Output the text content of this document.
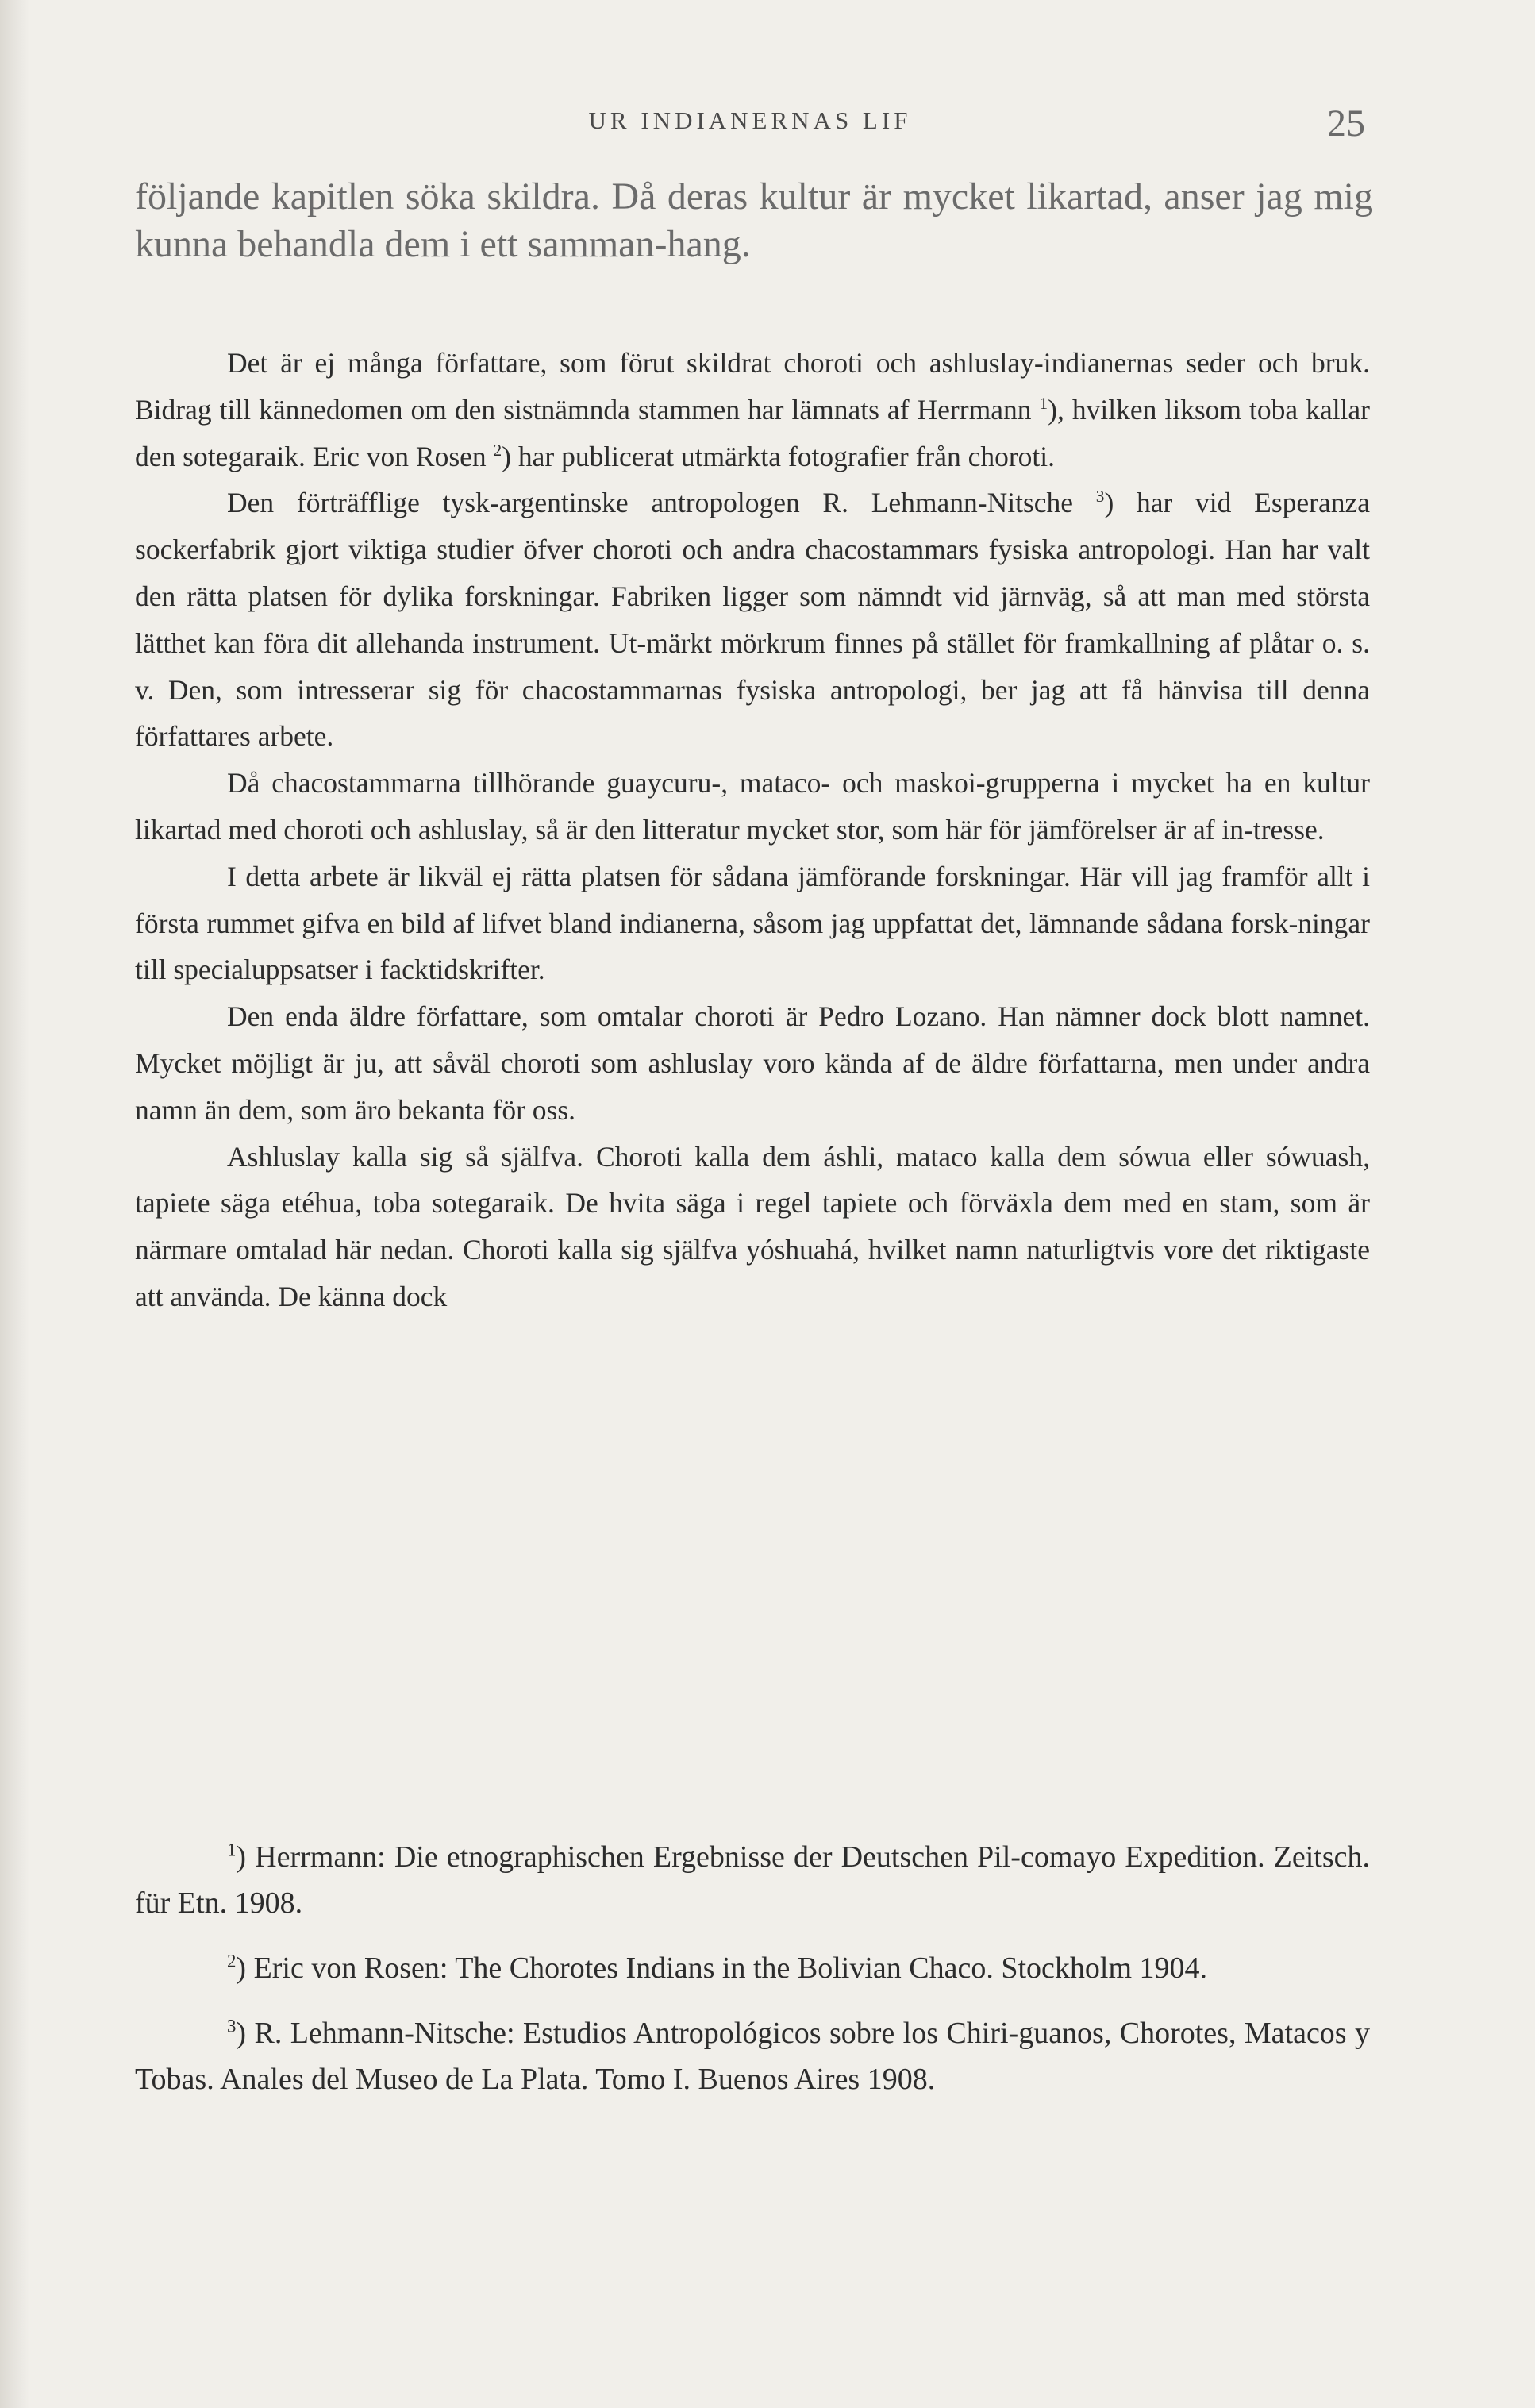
UR INDIANERNAS LIF	25
följande kapitlen söka skildra. Då deras kultur är mycket likartad, anser jag mig kunna behandla dem i ett samman-hang.

Det är ej många författare, som förut skildrat choroti och ashluslay-indianernas seder och bruk. Bidrag till kännedomen om den sistnämnda stammen har lämnats af Herrmann $^1$), hvilken liksom toba kallar den sotegaraik. Eric von Rosen $^2$) har publicerat utmärkta fotografier från choroti.

Den förträfflige tysk-argentinske antropologen R. Lehmann-Nitsche $^3$) har vid Esperanza sockerfabrik gjort viktiga studier öfver choroti och andra chacostammars fysiska antropologi. Han har valt den rätta platsen för dylika forskningar. Fabriken ligger som nämndt vid järnväg, så att man med största lätthet kan föra dit allehanda instrument. Ut-märkt mörkrum finnes på stället för framkallning af plåtar o. s. v. Den, som intresserar sig för chacostammarnas fysiska antropologi, ber jag att få hänvisa till denna författares arbete.

Då chacostammarna tillhörande guaycuru-, mataco- och maskoi-grupperna i mycket ha en kultur likartad med choroti och ashluslay, så är den litteratur mycket stor, som här för jämförelser är af in-tresse.

I detta arbete är likväl ej rätta platsen för sådana jämförande forskningar. Här vill jag framför allt i första rummet gifva en bild af lifvet bland indianerna, såsom jag uppfattat det, lämnande sådana forsk-ningar till specialuppsatser i facktidskrifter.

Den enda äldre författare, som omtalar choroti är Pedro Lozano. Han nämner dock blott namnet. Mycket möjligt är ju, att såväl choroti som ashluslay voro kända af de äldre författarna, men under andra namn än dem, som äro bekanta för oss.

Ashluslay kalla sig så själfva. Choroti kalla dem áshli, mataco kalla dem sówua eller sówuash, tapiete säga etéhua, toba sotegaraik. De hvita säga i regel tapiete och förväxla dem med en stam, som är närmare omtalad här nedan. Choroti kalla sig själfva yóshuahá, hvilket namn naturligtvis vore det riktigaste att använda. De känna dock

$^1$) Herrmann: Die etnographischen Ergebnisse der Deutschen Pil-comayo Expedition. Zeitsch. für Etn. 1908.

$^2$) Eric von Rosen: The Chorotes Indians in the Bolivian Chaco. Stockholm 1904.

$^3$) R. Lehmann-Nitsche: Estudios Antropológicos sobre los Chiri-guanos, Chorotes, Matacos y Tobas. Anales del Museo de La Plata. Tomo I. Buenos Aires 1908.
